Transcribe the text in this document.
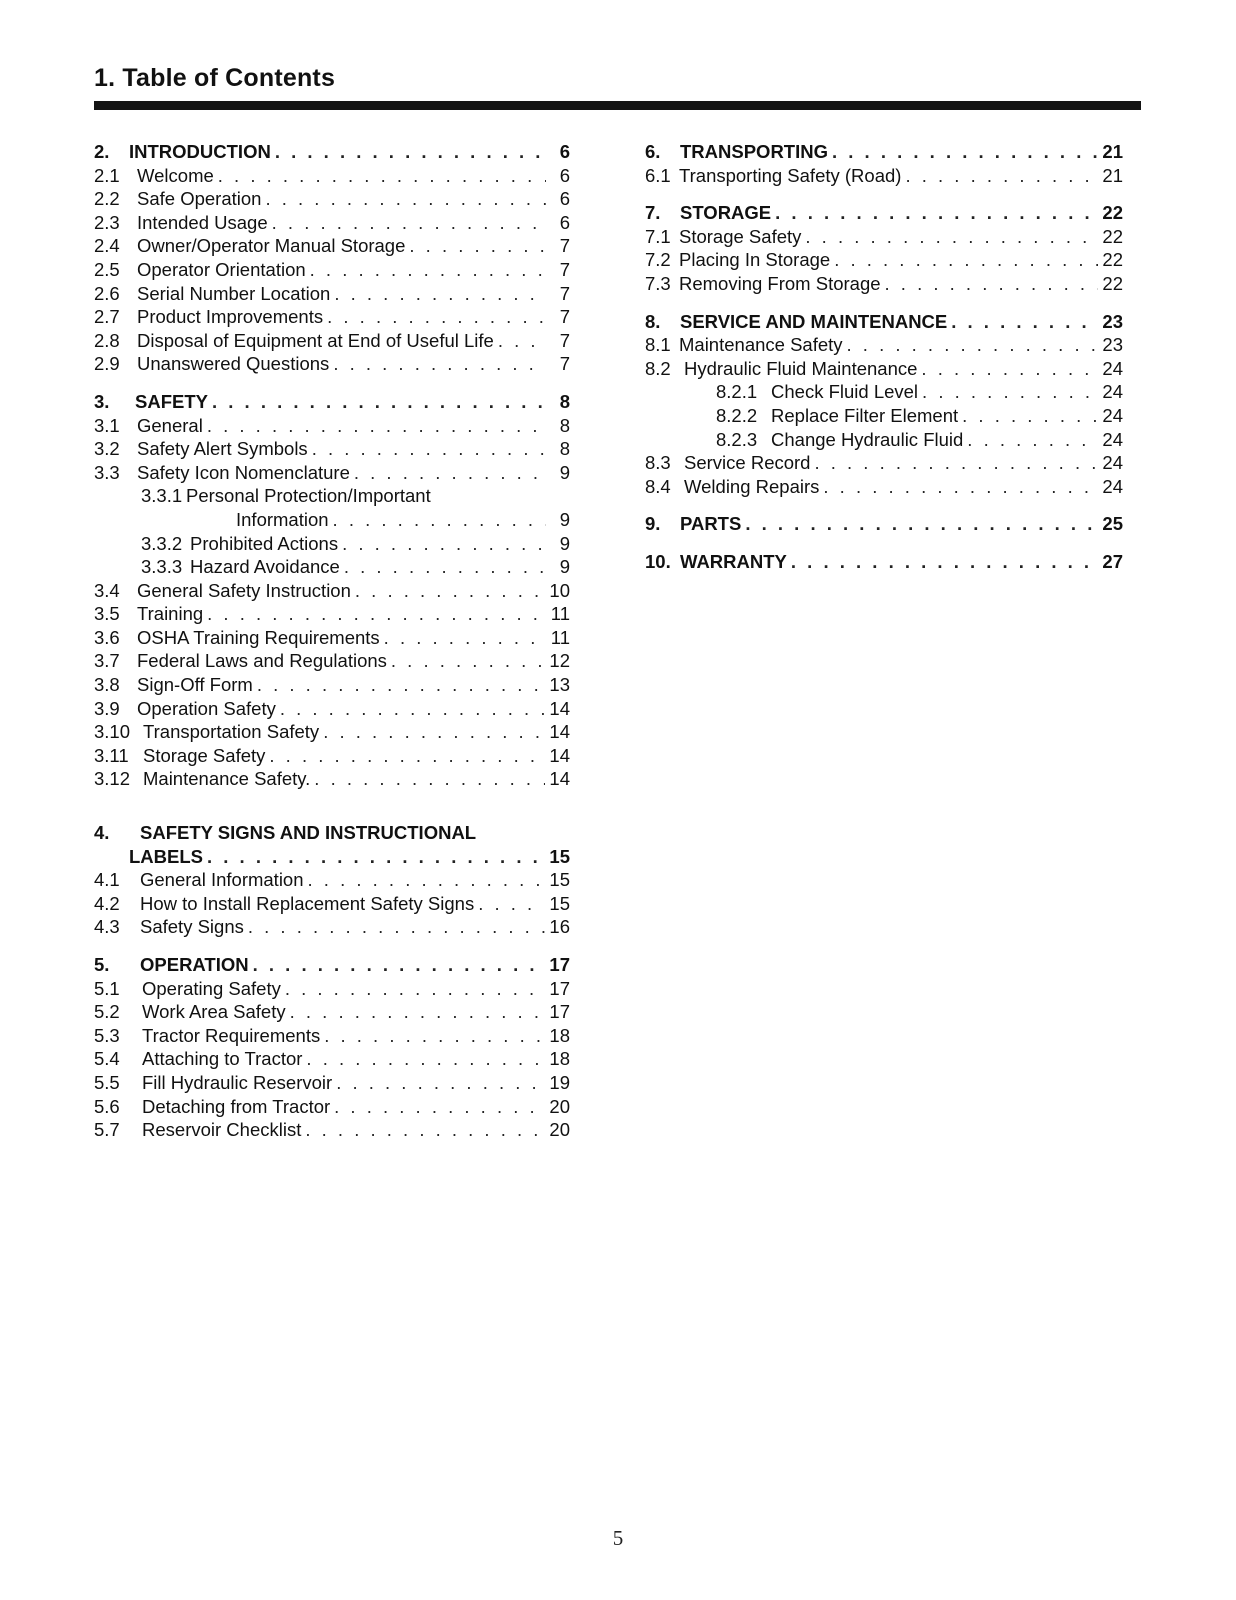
1. Table of Contents
2.	INTRODUCTION . . .	6
2.1 Welcome . . .	6
2.2 Safe Operation . . .	6
2.3 Intended Usage . . .	6
2.4 Owner/Operator Manual Storage . . .	7
2.5 Operator Orientation . . .	7
2.6 Serial Number Location . . .	7
2.7 Product Improvements . . .	7
2.8 Disposal of Equipment at End of Useful Life . . .	7
2.9 Unanswered Questions . . .	7
3.	SAFETY . . .	8
3.1 General . . .	8
3.2 Safety Alert Symbols . . .	8
3.3 Safety Icon Nomenclature . . .	9
3.3.1 Personal Protection/Important
Information . . .	9
3.3.2 Prohibited Actions . . .	9
3.3.3 Hazard Avoidance . . .	9
3.4 General Safety Instruction . . .	10
3.5 Training . . .	11
3.6 OSHA Training Requirements . . .	11
3.7 Federal Laws and Regulations . . .	12
3.8 Sign-Off Form . . .	13
3.9 Operation Safety . . .	14
3.10 Transportation Safety . . .	14
3.11 Storage Safety . . .	14
3.12 Maintenance Safety. . . .	14
4.	SAFETY SIGNS AND INSTRUCTIONAL
LABELS . . .	15
4.1	General Information . . .	15
4.2	How to Install Replacement Safety Signs . . .	15
4.3	Safety Signs . . .	16
5.	OPERATION . . .	17
5.1	Operating Safety . . .	17
5.2	Work Area Safety . . .	17
5.3	Tractor Requirements . . .	18
5.4	Attaching to Tractor . . .	18
5.5	Fill Hydraulic Reservoir . . .	19
5.6	Detaching from Tractor . . .	20
5.7	Reservoir Checklist . . .	20
6.	TRANSPORTING . . .	21
6.1 Transporting Safety (Road) . . .	21
7.	STORAGE . . .	22
7.1 Storage Safety . . .	22
7.2 Placing In Storage . . .	22
7.3 Removing From Storage . . .	22
8.	SERVICE AND MAINTENANCE . . .	23
8.1 Maintenance Safety . . .	23
8.2 Hydraulic Fluid Maintenance . . .	24
8.2.1 Check Fluid Level . . .	24
8.2.2 Replace Filter Element . . .	24
8.2.3 Change Hydraulic Fluid . . .	24
8.3 Service Record . . .	24
8.4 Welding Repairs . . .	24
9.	PARTS . . .	25
10. WARRANTY . . .	27
5
